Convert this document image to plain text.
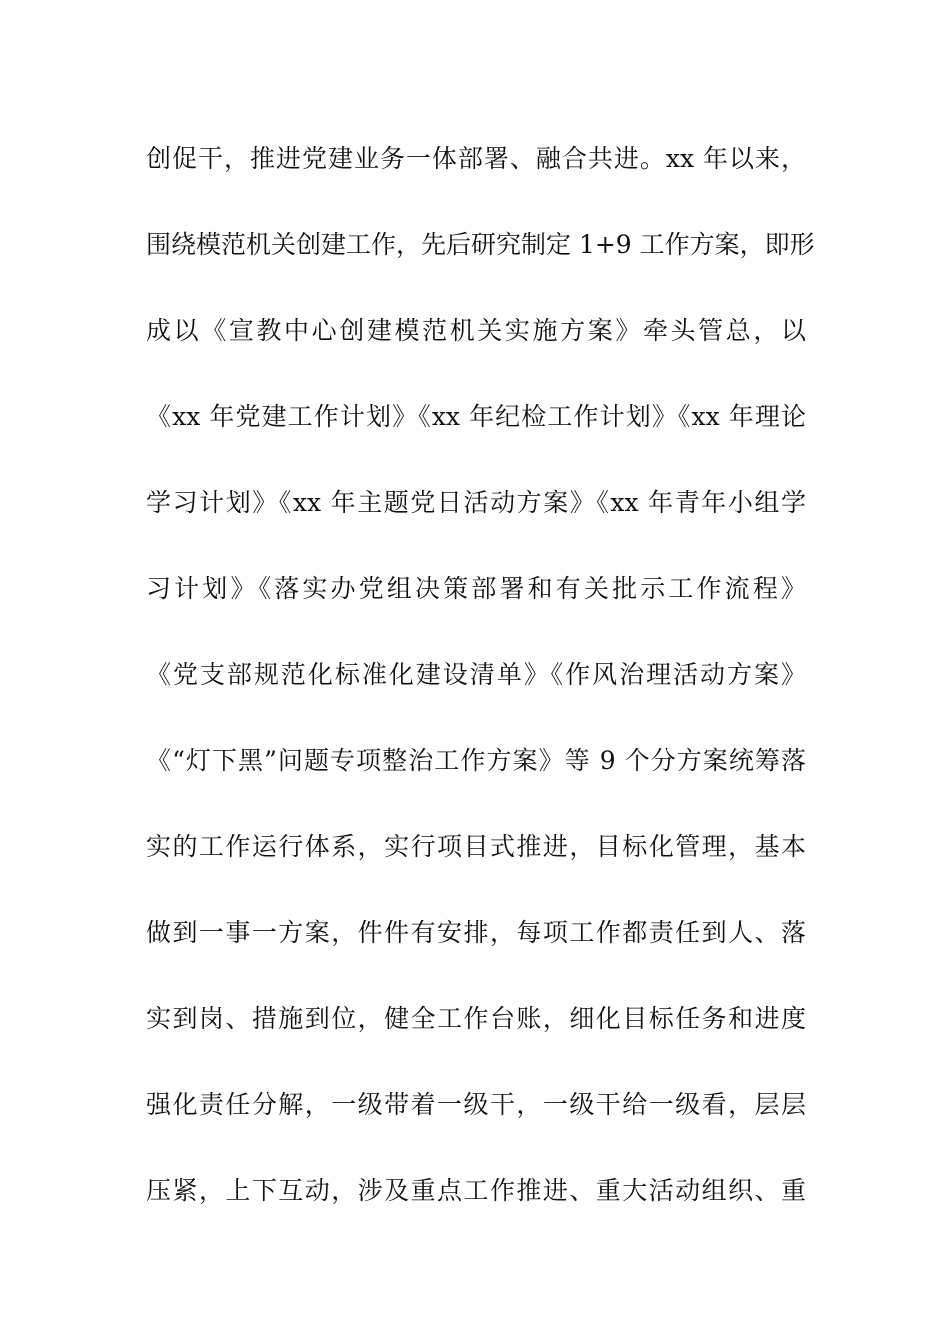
创促干，推进党建业务一体部署、融合共进。xx 年以来，
围绕模范机关创建工作，先后研究制定 1+9 工作方案，即形
成以《宣教中心创建模范机关实施方案》牵头管总，以
《xx 年党建工作计划》《xx 年纪检工作计划》《xx 年理论
学习计划》《xx 年主题党日活动方案》《xx 年青年小组学
习计划》《落实办党组决策部署和有关批示工作流程》
《党支部规范化标准化建设清单》《作风治理活动方案》
《“灯下黑”问题专项整治工作方案》等 9 个分方案统筹落
实的工作运行体系，实行项目式推进，目标化管理，基本
做到一事一方案，件件有安排，每项工作都责任到人、落
实到岗、措施到位，健全工作台账，细化目标任务和进度
强化责任分解，一级带着一级干，一级干给一级看，层层
压紧，上下互动，涉及重点工作推进、重大活动组织、重
